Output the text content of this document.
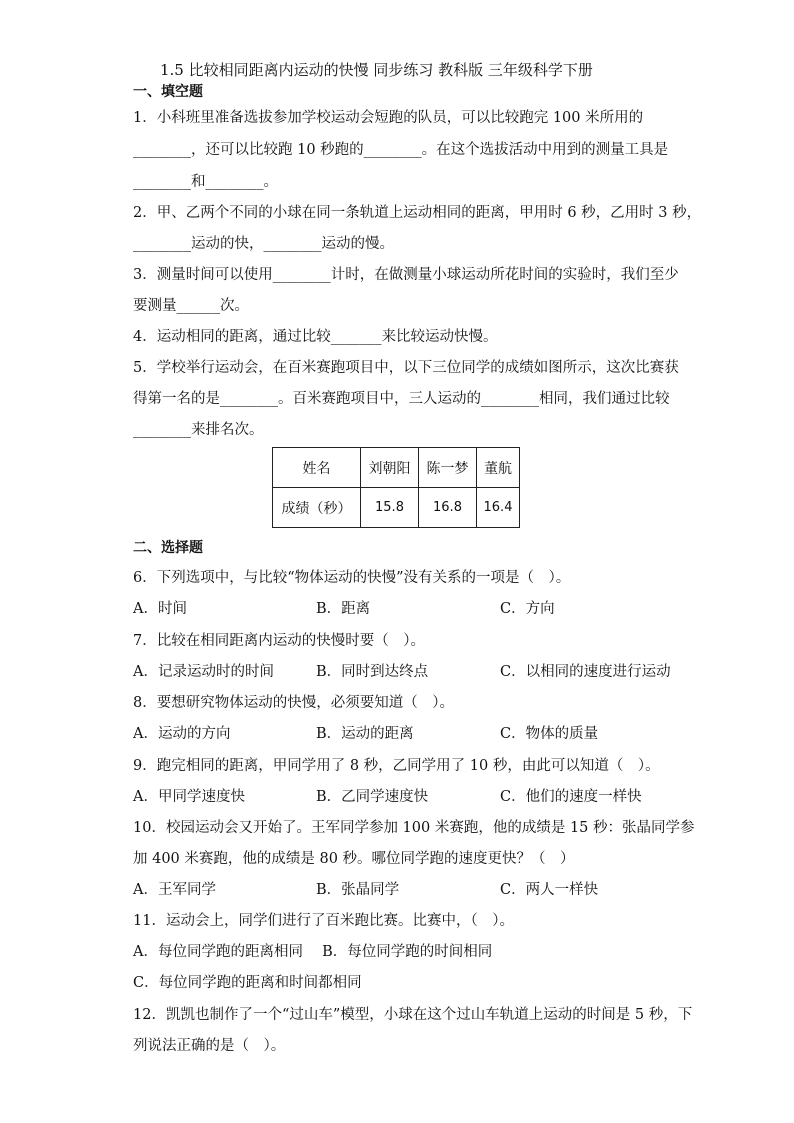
1.5 比较相同距离内运动的快慢 同步练习 教科版 三年级科学下册
一、填空题
1．小科班里准备选拔参加学校运动会短跑的队员，可以比较跑完 100 米所用的
________，还可以比较跑 10 秒跑的________。在这个选拔活动中用到的测量工具是
________和________。
2．甲、乙两个不同的小球在同一条轨道上运动相同的距离，甲用时 6 秒，乙用时 3 秒，
________运动的快，________运动的慢。
3．测量时间可以使用________计时，在做测量小球运动所花时间的实验时，我们至少
要测量______次。
4．运动相同的距离，通过比较_______来比较运动快慢。
5．学校举行运动会，在百米赛跑项目中，以下三位同学的成绩如图所示，这次比赛获
得第一名的是________。百米赛跑项目中，三人运动的________相同，我们通过比较
________来排名次。
姓名	刘朝阳	陈一梦	董航
成绩（秒）	15.8	16.8	16.4
二、选择题
6．下列选项中，与比较“物体运动的快慢”没有关系的一项是（　）。
A．时间	B．距离	C．方向
7．比较在相同距离内运动的快慢时要（　）。
A．记录运动时的时间	B．同时到达终点	C．以相同的速度进行运动
8．要想研究物体运动的快慢，必须要知道（　）。
A．运动的方向	B．运动的距离	C．物体的质量
9．跑完相同的距离，甲同学用了 8 秒，乙同学用了 10 秒，由此可以知道（　）。
A．甲同学速度快	B．乙同学速度快	C．他们的速度一样快
10．校园运动会又开始了。王军同学参加 100 米赛跑，他的成绩是 15 秒：张晶同学参
加 400 米赛跑，他的成绩是 80 秒。哪位同学跑的速度更快？（　）
A．王军同学	B．张晶同学	C．两人一样快
11．运动会上，同学们进行了百米跑比赛。比赛中，（　）。
A．每位同学跑的距离相同　 B．每位同学跑的时间相同
C．每位同学跑的距离和时间都相同
12．凯凯也制作了一个“过山车”模型，小球在这个过山车轨道上运动的时间是 5 秒，下
列说法正确的是（　）。
